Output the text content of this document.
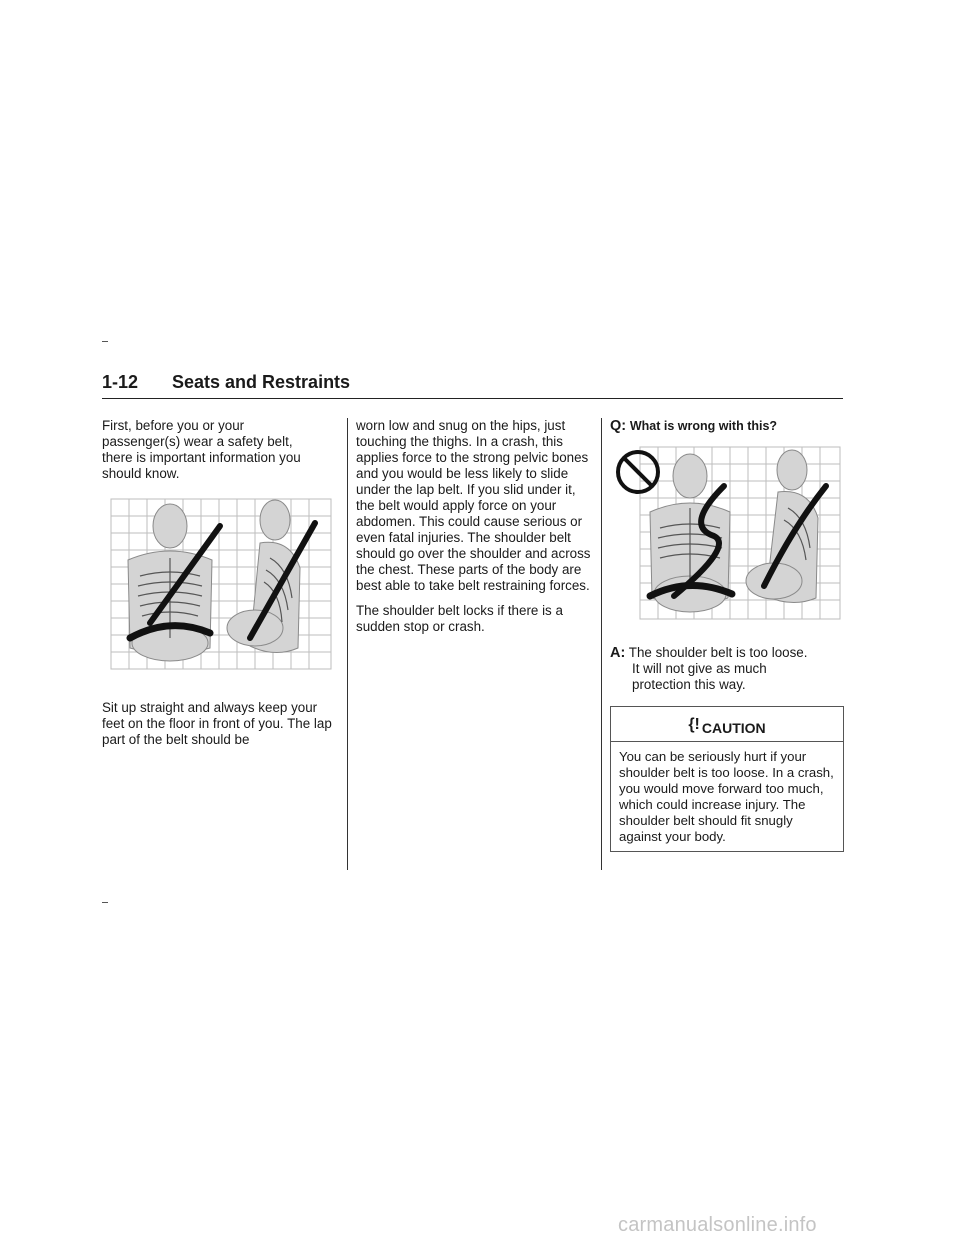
1-12 Seats and Restraints

First, before you or your passenger(s) wear a safety belt, there is important information you should know.

Sit up straight and always keep your feet on the floor in front of you. The lap part of the belt should be

worn low and snug on the hips, just touching the thighs. In a crash, this applies force to the strong pelvic bones and you would be less likely to slide under the lap belt. If you slid under it, the belt would apply force on your abdomen. This could cause serious or even fatal injuries. The shoulder belt should go over the shoulder and across the chest. These parts of the body are best able to take belt restraining forces.

The shoulder belt locks if there is a sudden stop or crash.

Q: What is wrong with this?
A: The shoulder belt is too loose.
It will not give as much
protection this way.
{! CAUTION
You can be seriously hurt if your shoulder belt is too loose. In a crash, you would move forward too much, which could increase injury. The shoulder belt should fit snugly against your body.
carmanualsonline.info
